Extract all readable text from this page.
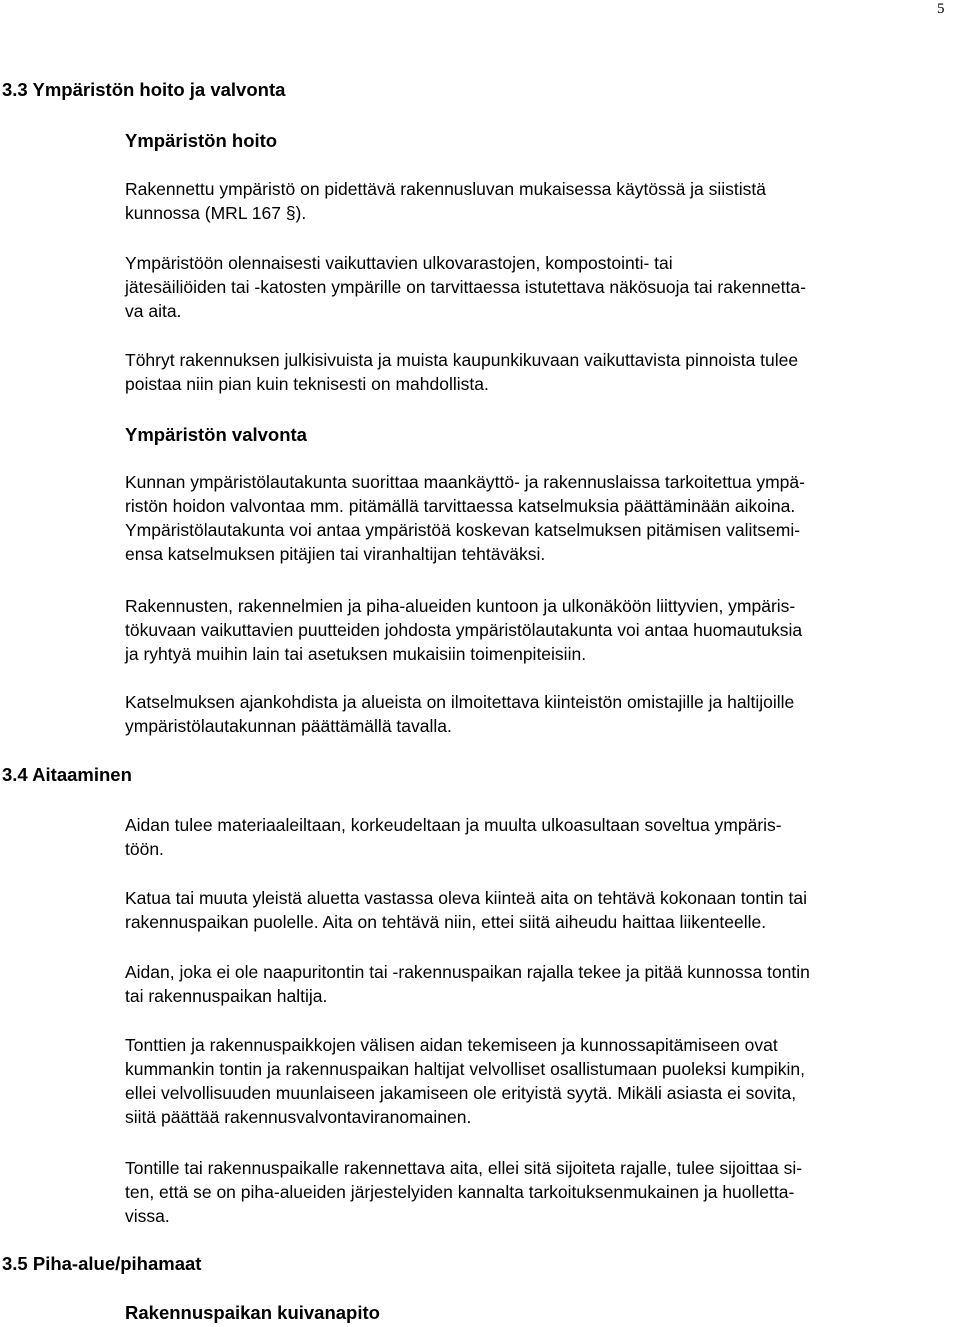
5
3.3 Ympäristön hoito ja valvonta
Ympäristön hoito
Rakennettu ympäristö on pidettävä rakennusluvan mukaisessa käytössä ja siististä
kunnossa (MRL 167 §).
Ympäristöön olennaisesti vaikuttavien ulkovarastojen, kompostointi- tai
jätesäiliöiden tai -katosten ympärille on tarvittaessa istutettava näkösuoja tai rakennetta-
va aita.
Töhryt rakennuksen julkisivuista ja muista kaupunkikuvaan vaikuttavista pinnoista tulee
poistaa niin pian kuin teknisesti on mahdollista.
Ympäristön valvonta
Kunnan ympäristölautakunta suorittaa maankäyttö- ja rakennuslaissa tarkoitettua ympä-
ristön hoidon valvontaa mm. pitämällä tarvittaessa katselmuksia päättäminään aikoina.
Ympäristölautakunta voi antaa ympäristöä koskevan katselmuksen pitämisen valitsemi-
ensa katselmuksen pitäjien tai viranhaltijan tehtäväksi.
Rakennusten, rakennelmien ja piha-alueiden kuntoon ja ulkonäköön liittyvien, ympäris-
tökuvaan vaikuttavien puutteiden johdosta ympäristölautakunta voi antaa huomautuksia
ja ryhtyä muihin lain tai asetuksen mukaisiin toimenpiteisiin.
Katselmuksen ajankohdista ja alueista on ilmoitettava kiinteistön omistajille ja haltijoille
ympäristölautakunnan päättämällä tavalla.
3.4 Aitaaminen
Aidan tulee materiaaleiltaan, korkeudeltaan ja muulta ulkoasultaan soveltua ympäris-
töön.
Katua tai muuta yleistä aluetta vastassa oleva kiinteä aita on tehtävä kokonaan tontin tai
rakennuspaikan puolelle. Aita on tehtävä niin, ettei siitä aiheudu haittaa liikenteelle.
Aidan, joka ei ole naapuritontin tai -rakennuspaikan rajalla tekee ja pitää kunnossa tontin
tai rakennuspaikan haltija.
Tonttien ja rakennuspaikkojen välisen aidan tekemiseen ja kunnossapitämiseen ovat
kummankin tontin ja rakennuspaikan haltijat velvolliset osallistumaan puoleksi kumpikin,
ellei velvollisuuden muunlaiseen jakamiseen ole erityistä syytä. Mikäli asiasta ei sovita,
siitä päättää rakennusvalvontaviranomainen.
Tontille tai rakennuspaikalle rakennettava aita, ellei sitä sijoiteta rajalle, tulee sijoittaa si-
ten, että se on piha-alueiden järjestelyiden kannalta tarkoituksenmukainen ja huolletta-
vissa.
3.5 Piha-alue/pihamaat
Rakennuspaikan kuivanapito
